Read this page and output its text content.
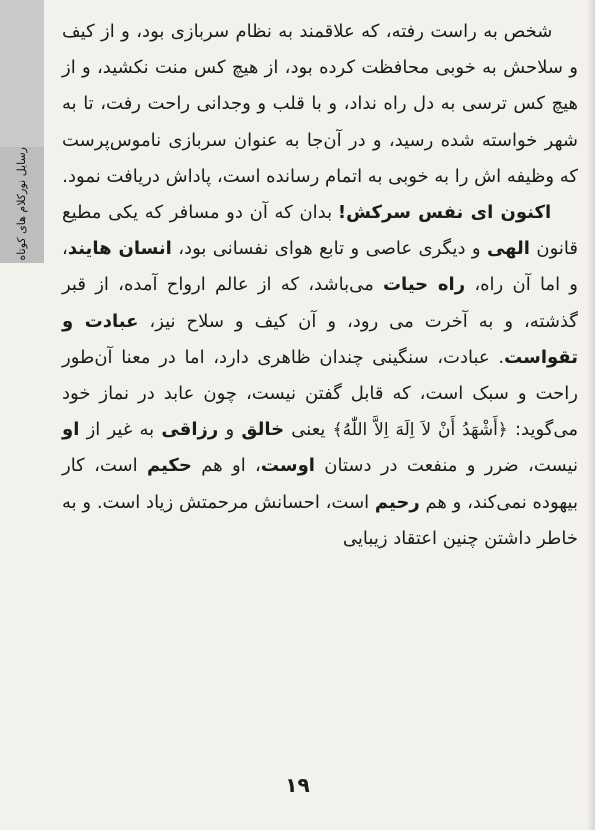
رسایل نور
کلام های کوتاه

شخص به راست رفته، که علاقمند به نظام سربازی بود، و از کیف و سلاحش به خوبی محافظت کرده بود، از هیچ کس منت نکشید، و از هیچ کس ترسی به دل راه نداد، و با قلب و وجدانی راحت رفت، تا به شهر خواسته شده رسید، و در آن‌جا به عنوان سربازی ناموس‌پرست که وظیفه اش را به خوبی به اتمام رسانده است، پاداش دریافت نمود.

اکنون ای نفس سرکش! بدان که آن دو مسافر که یکی مطیع قانون الهی و دیگری عاصی و تابع هوای نفسانی بود، انسان هایند، و اما آن راه، راه حیات می‌باشد، که از عالم ارواح آمده، از قبر گذشته، و به آخرت می رود، و آن کیف و سلاح نیز، عبادت و تقواست. عبادت، سنگینی چندان ظاهری دارد، اما در معنا آن‌طور راحت و سبک است، که قابل گفتن نیست، چون عابد در نماز خود می‌گوید: ﴿أَشْهَدُ أَنْ لاَ اِلَهَ اِلاَّ اللّٰهُ﴾ یعنی خالق و رزاقی به غیر از او نیست، ضرر و منفعت در دستان اوست، او هم حکیم است، کار بیهوده نمی‌کند، و هم رحیم است، احسانش مرحمتش زیاد است. و به خاطر داشتن چنین اعتقاد زیبایی

۱۹
